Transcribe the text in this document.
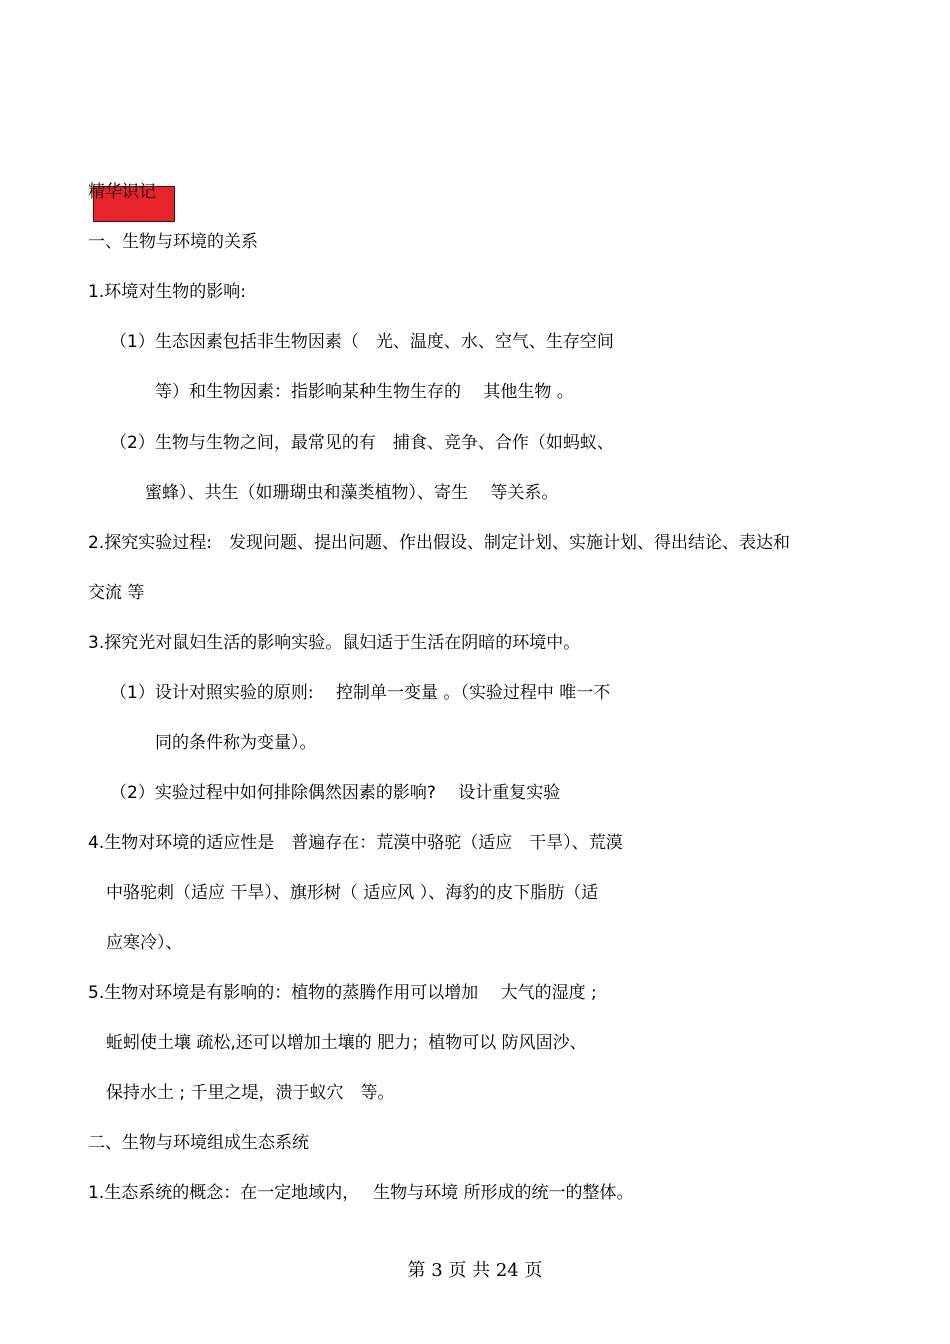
精华识记
一、生物与环境的关系
1.环境对生物的影响:
（1）生态因素包括非生物因素（　光、温度、水、空气、生存空间
等）和生物因素：指影响某种生物生存的　 其他生物 。
（2）生物与生物之间，最常见的有　捕食、竞争、合作（如蚂蚁、
蜜蜂）、共生（如珊瑚虫和藻类植物）、寄生　 等关系。
2.探究实验过程:　发现问题、提出问题、作出假设、制定计划、实施计划、得出结论、表达和
交流 等
3.探究光对鼠妇生活的影响实验。鼠妇适于生活在阴暗的环境中。
（1）设计对照实验的原则:　 控制单一变量 。（实验过程中 唯一不
同的条件称为变量）。
（2）实验过程中如何排除偶然因素的影响?　 设计重复实验
4.生物对环境的适应性是　普遍存在：荒漠中骆驼（适应　干旱）、荒漠
中骆驼刺（适应 干旱）、旗形树（ 适应风 ）、海豹的皮下脂肪（适
应寒冷）、
5.生物对环境是有影响的：植物的蒸腾作用可以增加　 大气的湿度 ;
蚯蚓使土壤 疏松,还可以增加土壤的 肥力；植物可以 防风固沙、
保持水土 ; 千里之堤，溃于蚁穴　等。
二、生物与环境组成生态系统
1.生态系统的概念：在一定地域内，　 生物与环境 所形成的统一的整体。
第 3 页 共 24 页
